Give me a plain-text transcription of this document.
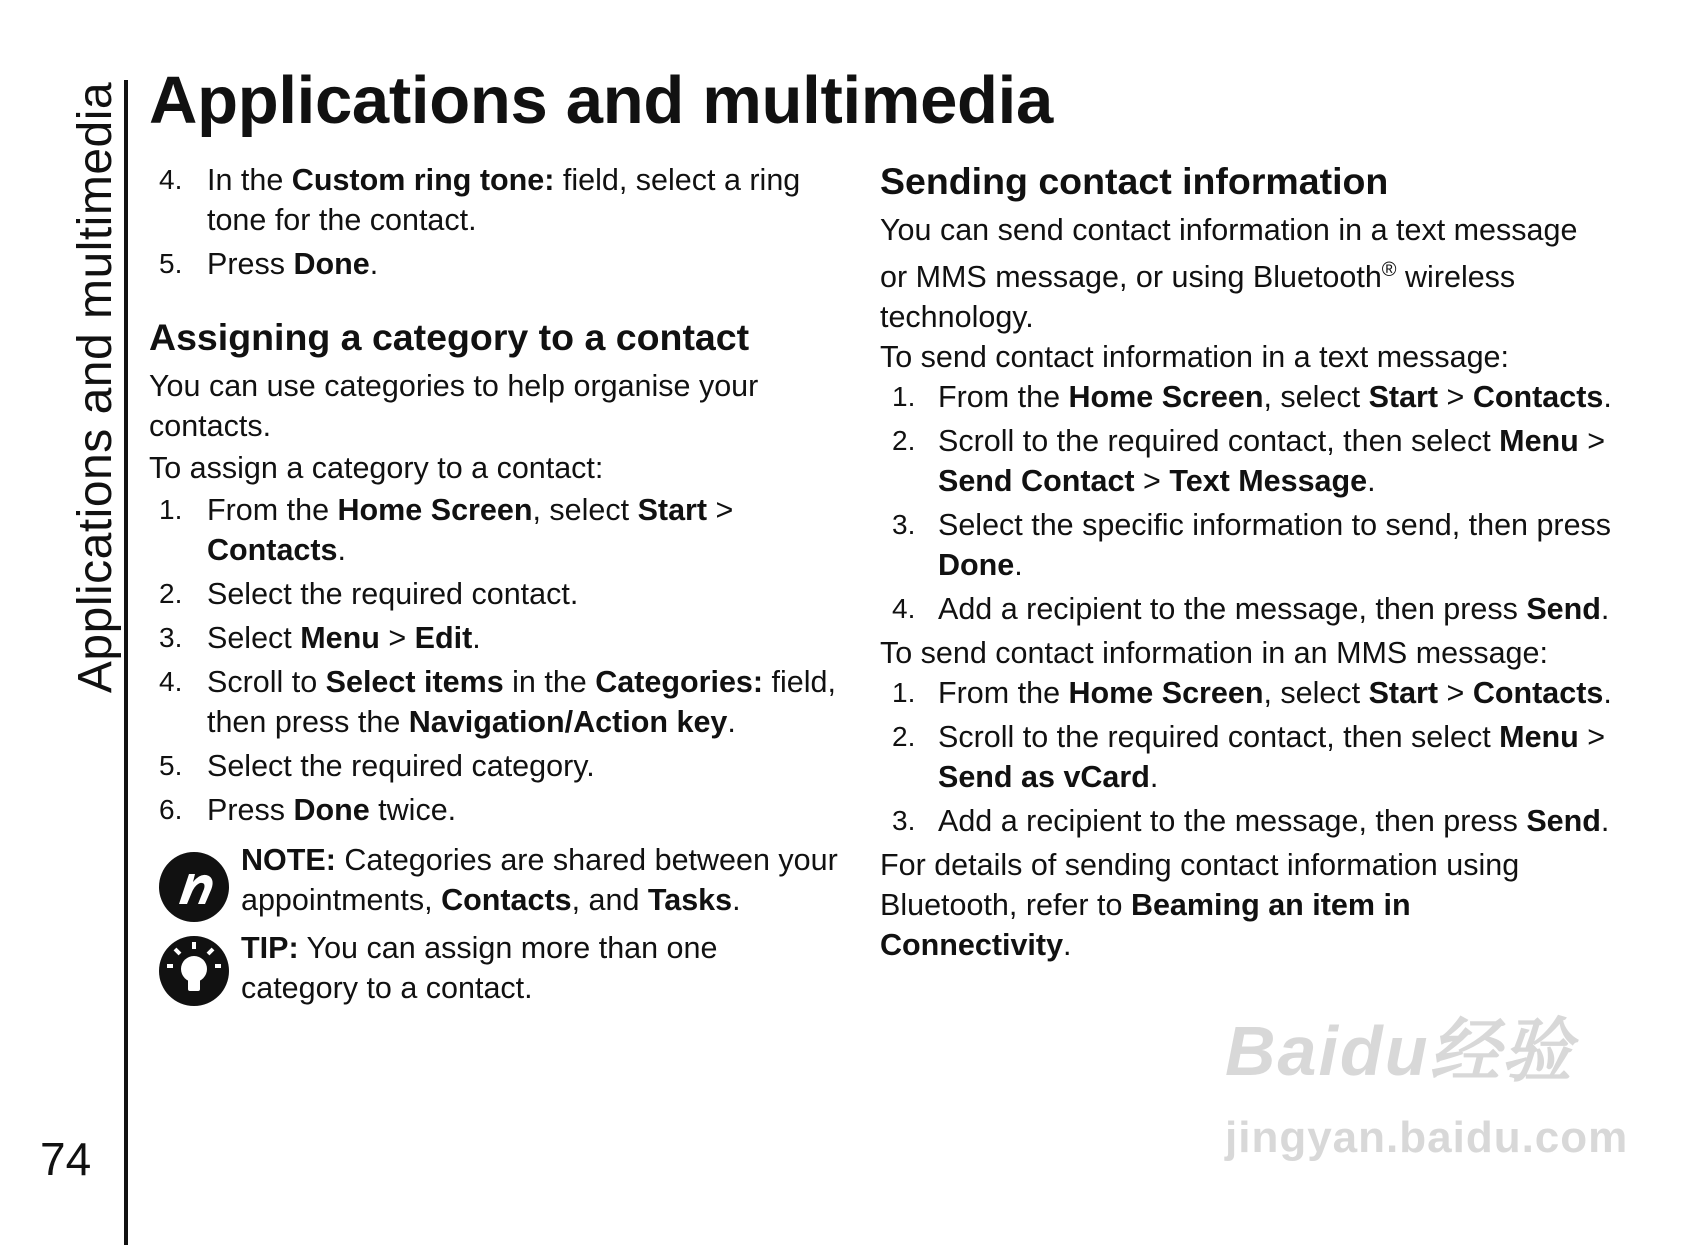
Applications and multimedia
74
Applications and multimedia
4. In the Custom ring tone: field, select a ring tone for the contact.
5. Press Done.
Assigning a category to a contact

You can use categories to help organise your contacts.

To assign a category to a contact:

1. From the Home Screen, select Start > Contacts.
2. Select the required contact.
3. Select Menu > Edit.
4. Scroll to Select items in the Categories: field, then press the Navigation/Action key.
5. Select the required category.
6. Press Done twice.

NOTE: Categories are shared between your appointments, Contacts, and Tasks.

TIP: You can assign more than one category to a contact.

Sending contact information

You can send contact information in a text message or MMS message, or using Bluetooth® wireless technology.

To send contact information in a text message:

1. From the Home Screen, select Start > Contacts.
2. Scroll to the required contact, then select Menu > Send Contact > Text Message.
3. Select the specific information to send, then press Done.
4. Add a recipient to the message, then press Send.

To send contact information in an MMS message:

1. From the Home Screen, select Start > Contacts.
2. Scroll to the required contact, then select Menu > Send as vCard.
3. Add a recipient to the message, then press Send.

For details of sending contact information using Bluetooth, refer to Beaming an item in Connectivity.

Baidu经验
jingyan.baidu.com
